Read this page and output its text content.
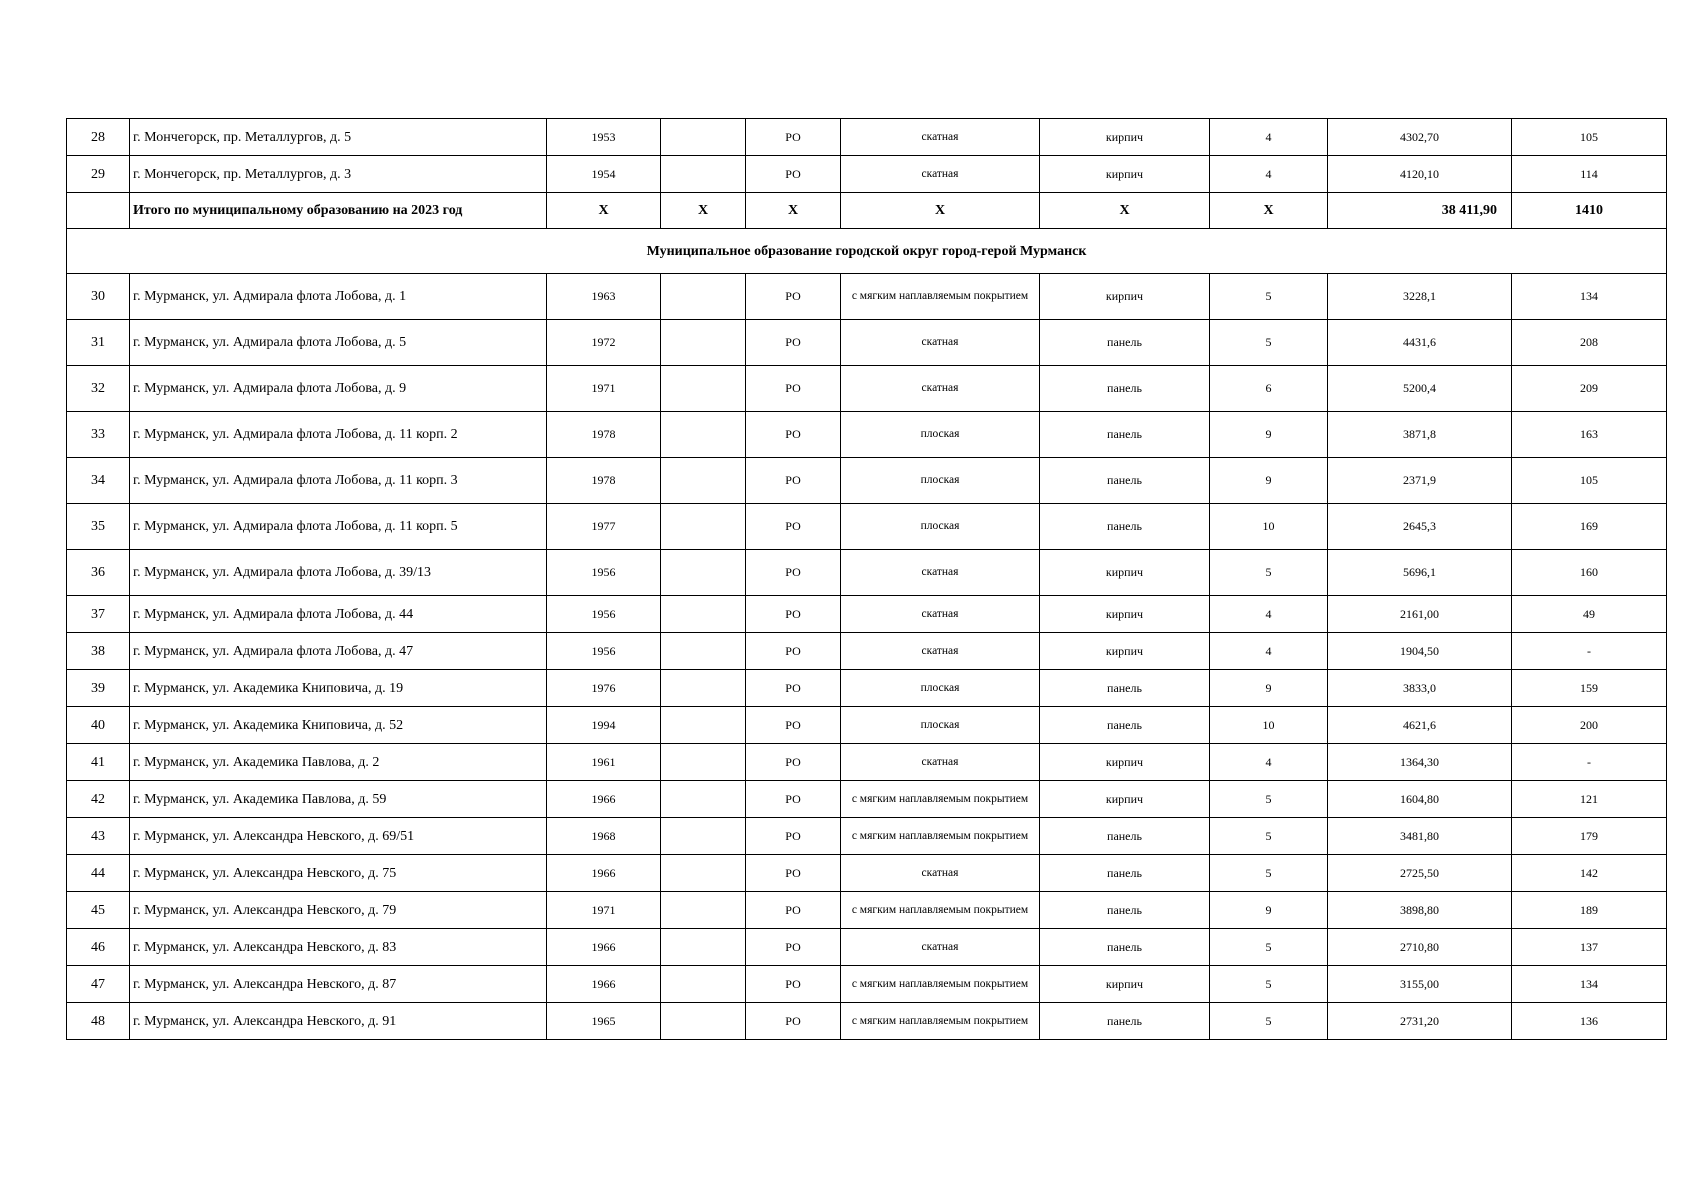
28	г. Мончегорск, пр. Металлургов, д. 5	1953		РО	скатная	кирпич	4	4302,70	105
29	г. Мончегорск, пр. Металлургов, д. 3	1954		РО	скатная	кирпич	4	4120,10	114
	Итого по муниципальному образованию на 2023 год	X	X	X	X	X	X	38 411,90	1410
Муниципальное образование городской округ город-герой Мурманск									
30	г. Мурманск, ул. Адмирала флота Лобова, д. 1	1963		РО	с мягким наплавляемым покрытием	кирпич	5	3228,1	134
31	г. Мурманск, ул. Адмирала флота Лобова, д. 5	1972		РО	скатная	панель	5	4431,6	208
32	г. Мурманск, ул. Адмирала флота Лобова, д. 9	1971		РО	скатная	панель	6	5200,4	209
33	г. Мурманск, ул. Адмирала флота Лобова, д. 11 корп. 2	1978		РО	плоская	панель	9	3871,8	163
34	г. Мурманск, ул. Адмирала флота Лобова, д. 11 корп. 3	1978		РО	плоская	панель	9	2371,9	105
35	г. Мурманск, ул. Адмирала флота Лобова, д. 11 корп. 5	1977		РО	плоская	панель	10	2645,3	169
36	г. Мурманск, ул. Адмирала флота Лобова, д. 39/13	1956		РО	скатная	кирпич	5	5696,1	160
37	г. Мурманск, ул. Адмирала флота Лобова, д. 44	1956		РО	скатная	кирпич	4	2161,00	49
38	г. Мурманск, ул. Адмирала флота Лобова, д. 47	1956		РО	скатная	кирпич	4	1904,50	-
39	г. Мурманск, ул. Академика Книповича, д. 19	1976		РО	плоская	панель	9	3833,0	159
40	г. Мурманск, ул. Академика Книповича, д. 52	1994		РО	плоская	панель	10	4621,6	200
41	г. Мурманск, ул. Академика Павлова, д. 2	1961		РО	скатная	кирпич	4	1364,30	-
42	г. Мурманск, ул. Академика Павлова, д. 59	1966		РО	с мягким наплавляемым покрытием	кирпич	5	1604,80	121
43	г. Мурманск, ул. Александра Невского, д. 69/51	1968		РО	с мягким наплавляемым покрытием	панель	5	3481,80	179
44	г. Мурманск, ул. Александра Невского, д. 75	1966		РО	скатная	панель	5	2725,50	142
45	г. Мурманск, ул. Александра Невского, д. 79	1971		РО	с мягким наплавляемым покрытием	панель	9	3898,80	189
46	г. Мурманск, ул. Александра Невского, д. 83	1966		РО	скатная	панель	5	2710,80	137
47	г. Мурманск, ул. Александра Невского, д. 87	1966		РО	с мягким наплавляемым покрытием	кирпич	5	3155,00	134
48	г. Мурманск, ул. Александра Невского, д. 91	1965		РО	с мягким наплавляемым покрытием	панель	5	2731,20	136
